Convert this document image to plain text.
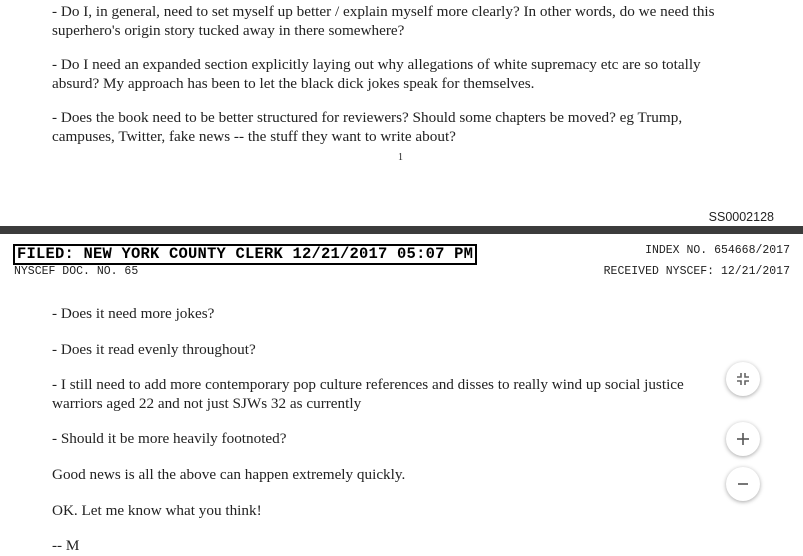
- Do I, in general, need to set myself up better / explain myself more clearly? In other words, do we need this superhero's origin story tucked away in there somewhere?

- Do I need an expanded section explicitly laying out why allegations of white supremacy etc are so totally absurd? My approach has been to let the black dick jokes speak for themselves.

- Does the book need to be better structured for reviewers? Should some chapters be moved? eg Trump, campuses, Twitter, fake news -- the stuff they want to write about?

1
SS0002128
FILED: NEW YORK COUNTY CLERK 12/21/2017 05:07 PM	INDEX NO. 654668/2017
NYSCEF DOC. NO. 65	RECEIVED NYSCEF: 12/21/2017

- Does it need more jokes?

- Does it read evenly throughout?

- I still need to add more contemporary pop culture references and disses to really wind up social justice warriors aged 22 and not just SJWs 32 as currently

- Should it be more heavily footnoted?

Good news is all the above can happen extremely quickly.

OK. Let me know what you think!

-- M
